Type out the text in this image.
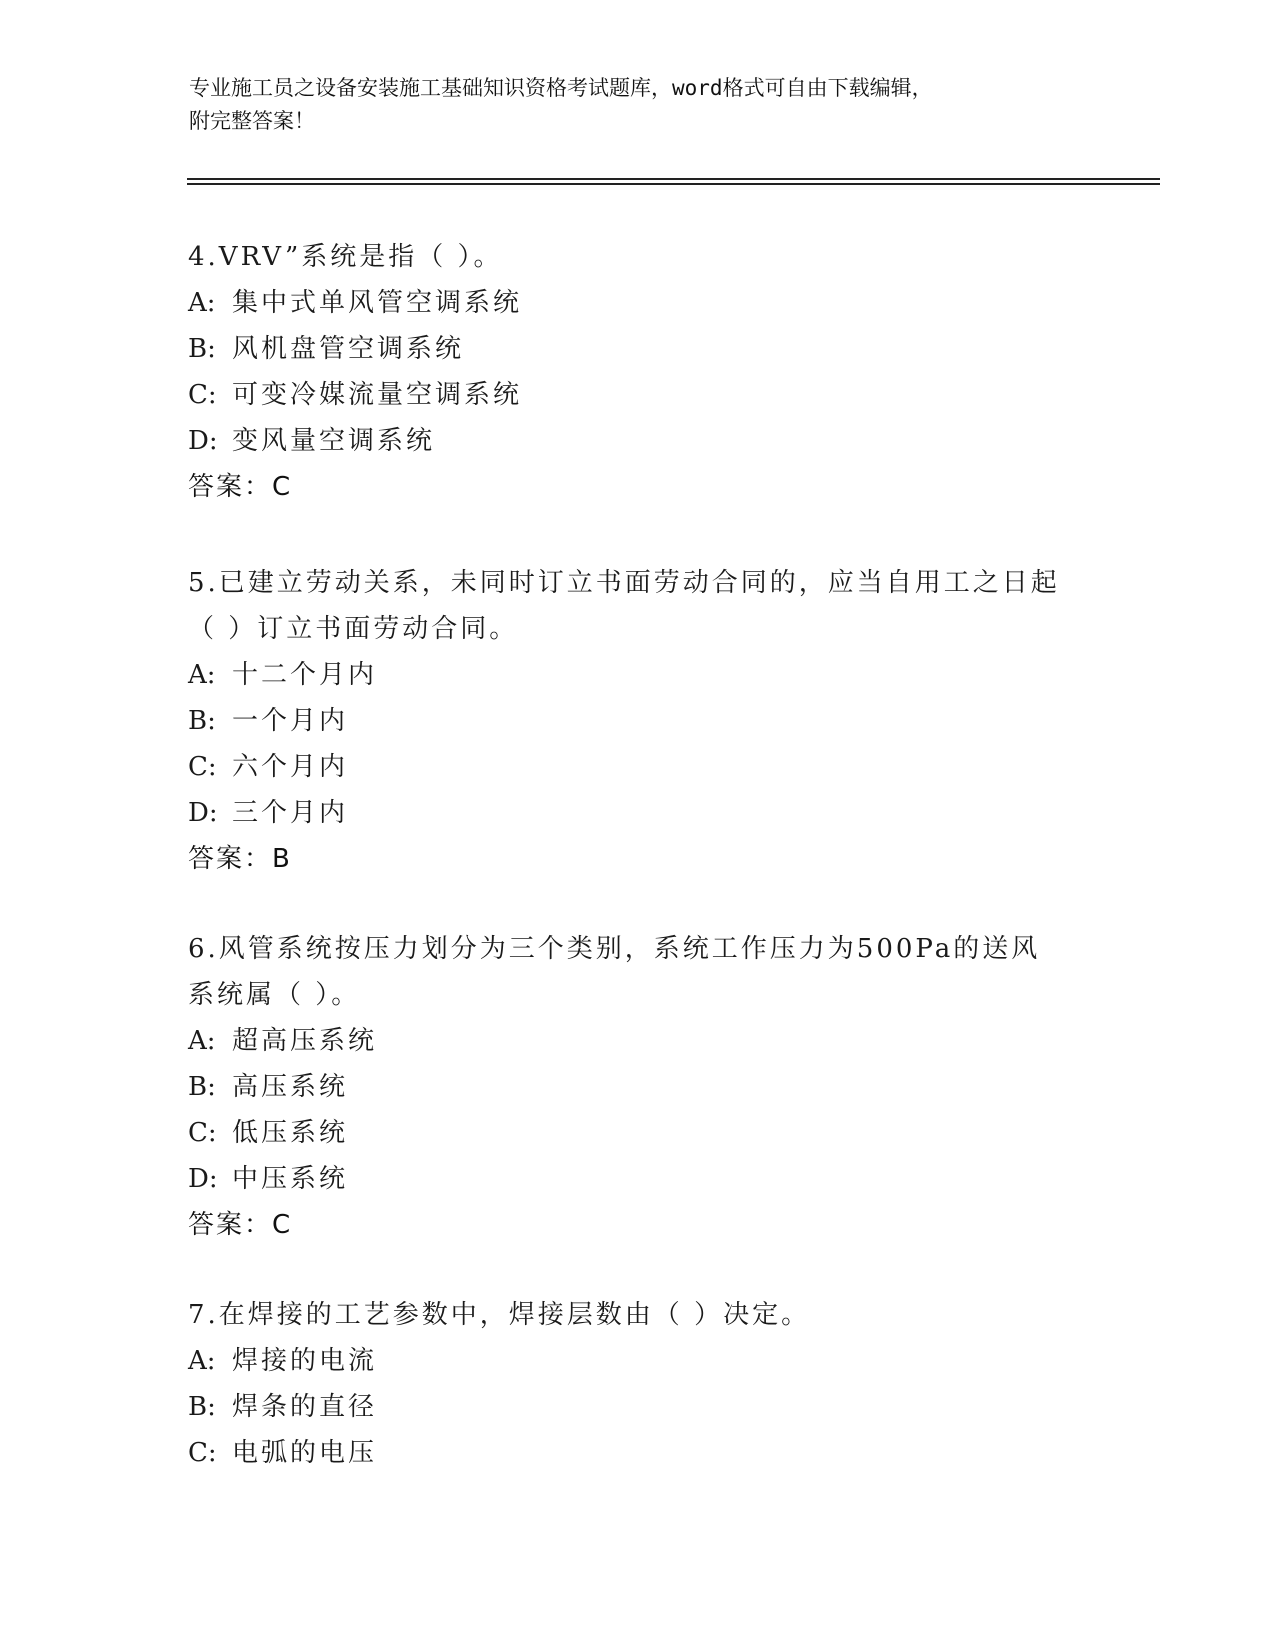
专业施工员之设备安装施工基础知识资格考试题库，word格式可自由下载编辑，
附完整答案！

4.VRV”系统是指（ ）。

A: 集中式单风管空调系统

B: 风机盘管空调系统

C: 可变冷媒流量空调系统

D: 变风量空调系统

答案：C

5.已建立劳动关系，未同时订立书面劳动合同的，应当自用工之日起（ ）订立书面劳动合同。

A: 十二个月内

B: 一个月内

C: 六个月内

D: 三个月内

答案：B

6.风管系统按压力划分为三个类别，系统工作压力为500Pa的送风系统属（ ）。

A: 超高压系统

B: 高压系统

C: 低压系统

D: 中压系统

答案：C

7.在焊接的工艺参数中，焊接层数由（ ）决定。

A: 焊接的电流

B: 焊条的直径

C: 电弧的电压
